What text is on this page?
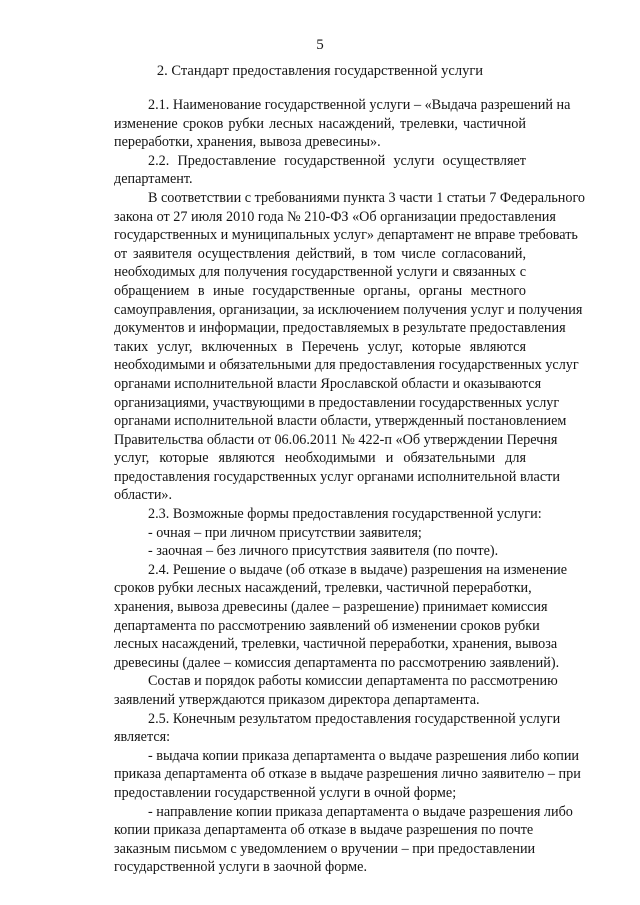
5
2. Стандарт предоставления государственной услуги
2.1. Наименование государственной услуги – «Выдача разрешений на
изменение сроков рубки лесных насаждений, трелевки, частичной
переработки, хранения, вывоза древесины».
2.2. Предоставление государственной услуги осуществляет
департамент.
В соответствии с требованиями пункта 3 части 1 статьи 7 Федерального
закона от 27 июля 2010 года № 210-ФЗ «Об организации предоставления
государственных и муниципальных услуг» департамент не вправе требовать
от заявителя осуществления действий, в том числе согласований,
необходимых для получения государственной услуги и связанных с
обращением в иные государственные органы, органы местного
самоуправления, организации, за исключением получения услуг и получения
документов и информации, предоставляемых в результате предоставления
таких услуг, включенных в Перечень услуг, которые являются
необходимыми и обязательными для предоставления государственных услуг
органами исполнительной власти Ярославской области и оказываются
организациями, участвующими в предоставлении государственных услуг
органами исполнительной власти области, утвержденный постановлением
Правительства области от 06.06.2011 № 422-п «Об утверждении Перечня
услуг, которые являются необходимыми и обязательными для
предоставления государственных услуг органами исполнительной власти
области».
2.3. Возможные формы предоставления государственной услуги:
- очная – при личном присутствии заявителя;
- заочная – без личного присутствия заявителя (по почте).
2.4. Решение о выдаче (об отказе в выдаче) разрешения на изменение
сроков рубки лесных насаждений, трелевки, частичной переработки,
хранения, вывоза древесины (далее – разрешение) принимает комиссия
департамента по рассмотрению заявлений об изменении сроков рубки
лесных насаждений, трелевки, частичной переработки, хранения, вывоза
древесины (далее – комиссия департамента по рассмотрению заявлений).
Состав и порядок работы комиссии департамента по рассмотрению
заявлений утверждаются приказом директора департамента.
2.5. Конечным результатом предоставления государственной услуги
является:
- выдача копии приказа департамента о выдаче разрешения либо копии
приказа департамента об отказе в выдаче разрешения лично заявителю – при
предоставлении государственной услуги в очной форме;
- направление копии приказа департамента о выдаче разрешения либо
копии приказа департамента об отказе в выдаче разрешения по почте
заказным письмом с уведомлением о вручении – при предоставлении
государственной услуги в заочной форме.
